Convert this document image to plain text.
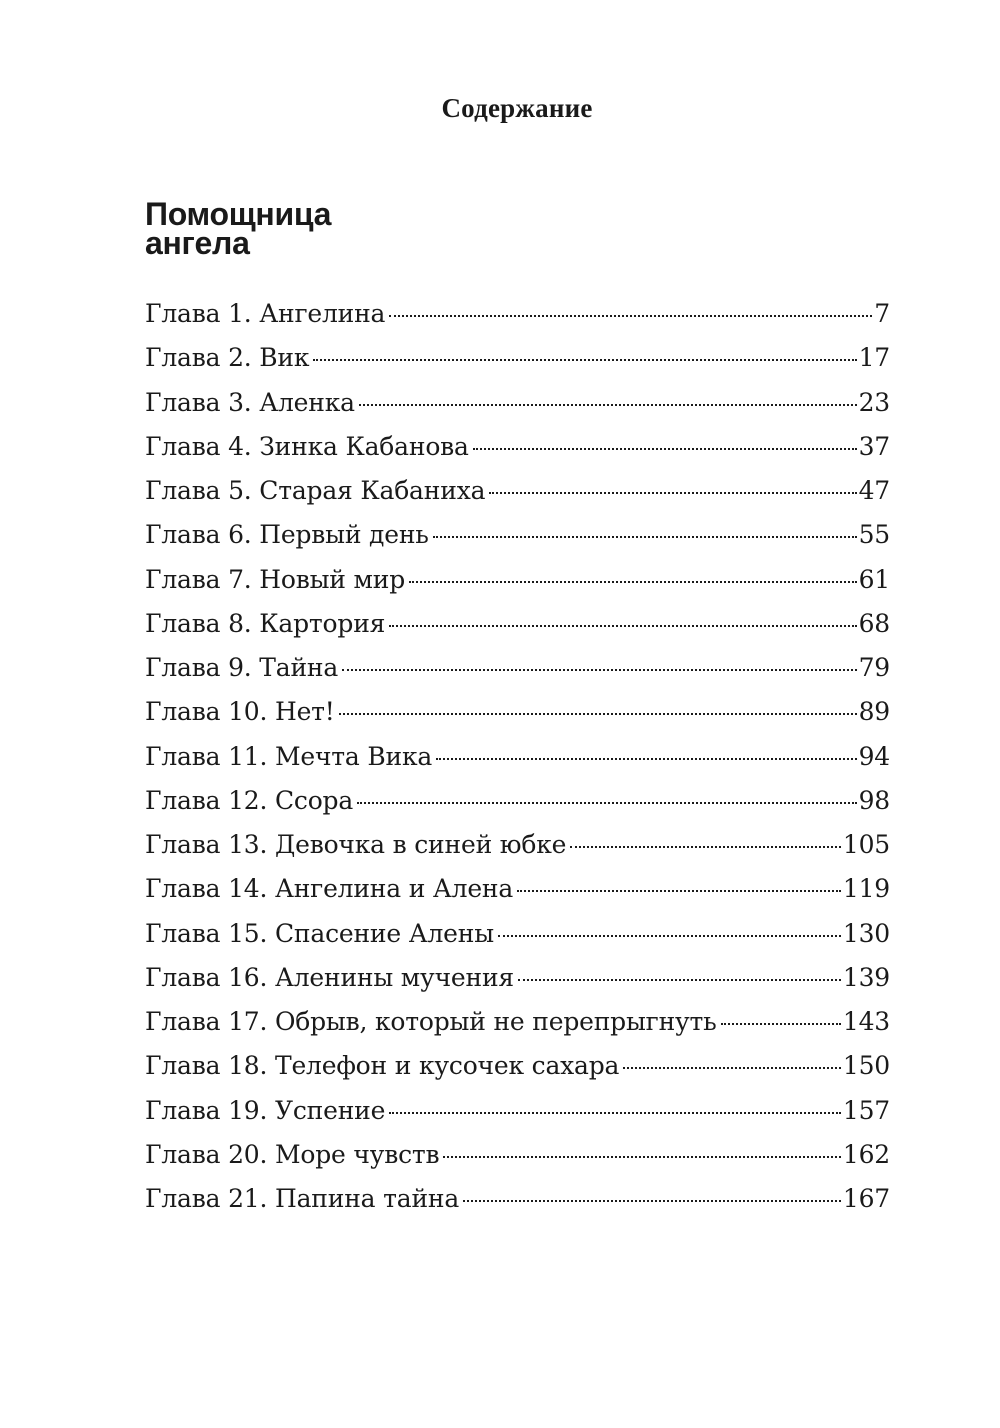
Содержание
Помощница
ангела
Глава 1. Ангелина	7
Глава 2. Вик	17
Глава 3. Аленка	23
Глава 4. Зинка Кабанова	37
Глава 5. Старая Кабаниха	47
Глава 6. Первый день	55
Глава 7. Новый мир	61
Глава 8. Картория	68
Глава 9. Тайна	79
Глава 10. Нет!	89
Глава 11. Мечта Вика	94
Глава 12. Ссора	98
Глава 13. Девочка в синей юбке	105
Глава 14. Ангелина и Алена	119
Глава 15. Спасение Алены	130
Глава 16. Аленины мучения	139
Глава 17. Обрыв, который не перепрыгнуть	143
Глава 18. Телефон и кусочек сахара	150
Глава 19. Успение	157
Глава 20. Море чувств	162
Глава 21. Папина тайна	167
